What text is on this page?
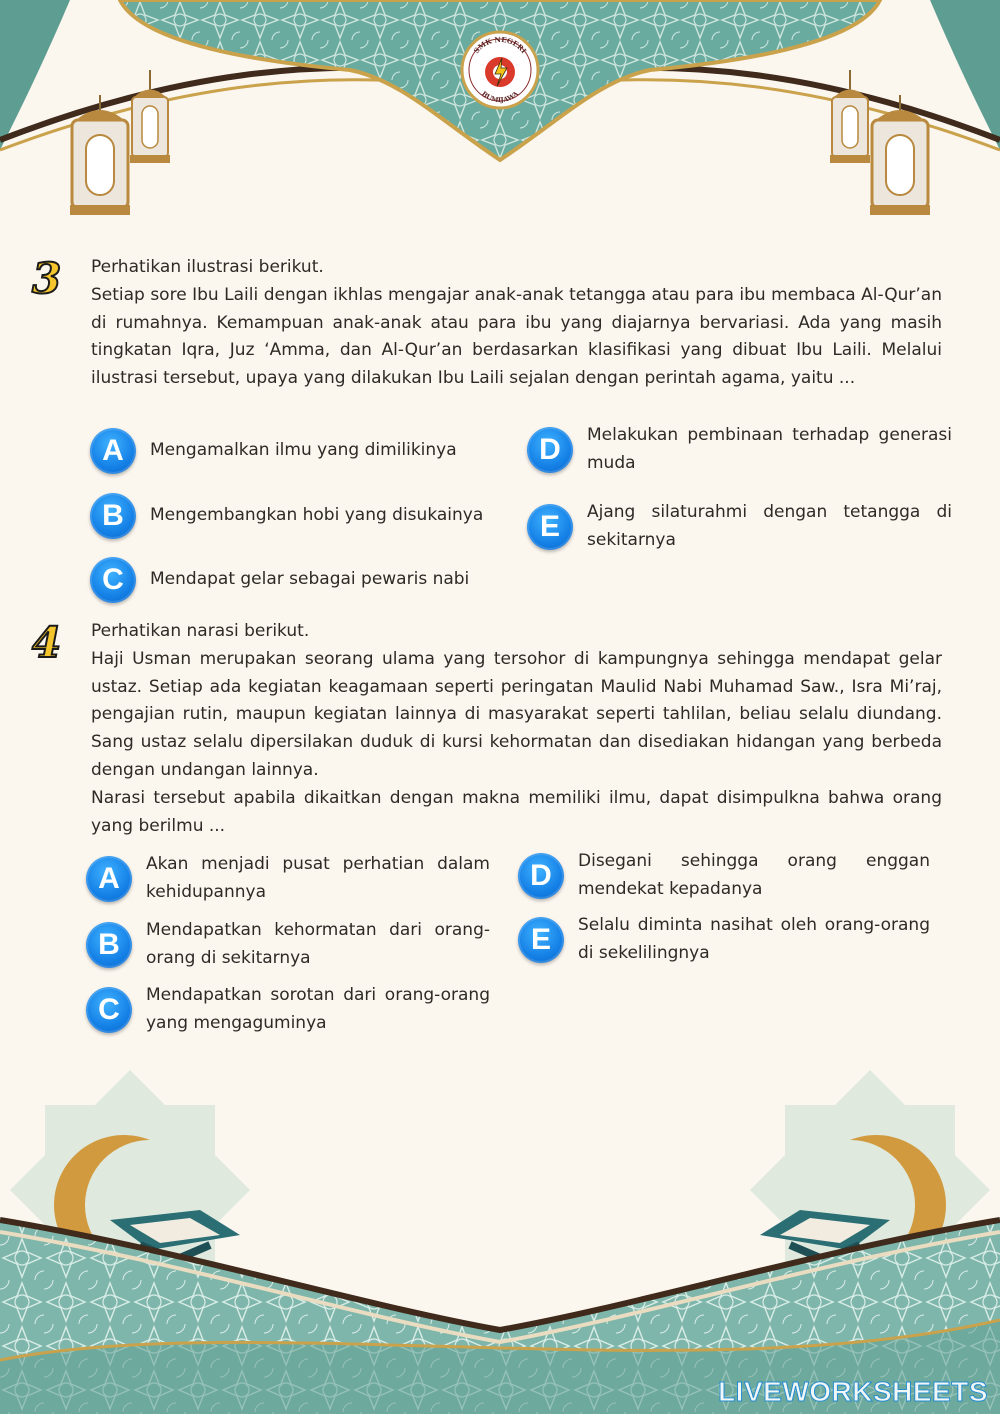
SMK NEGERI
BUMIJAWA
3 Perhatikan ilustrasi berikut.

Setiap sore Ibu Laili dengan ikhlas mengajar anak-anak tetangga atau para ibu membaca Al-Qur’an di rumahnya. Kemampuan anak-anak atau para ibu yang diajarnya bervariasi. Ada yang masih tingkatan Iqra, Juz ‘Amma, dan Al-Qur’an berdasarkan klasifikasi yang dibuat Ibu Laili. Melalui ilustrasi tersebut, upaya yang dilakukan Ibu Laili sejalan dengan perintah agama, yaitu ...

A	Mengamalkan ilmu yang dimilikinya
B	Mengembangkan hobi yang disukainya
C	Mendapat gelar sebagai pewaris nabi
D	Melakukan pembinaan terhadap generasi muda
E	Ajang silaturahmi dengan tetangga di sekitarnya
4 Perhatikan narasi berikut.

Haji Usman merupakan seorang ulama yang tersohor di kampungnya sehingga mendapat gelar ustaz. Setiap ada kegiatan keagamaan seperti peringatan Maulid Nabi Muhamad Saw., Isra Mi’raj, pengajian rutin, maupun kegiatan lainnya di masyarakat seperti tahlilan, beliau selalu diundang. Sang ustaz selalu dipersilakan duduk di kursi kehormatan dan disediakan hidangan yang berbeda dengan undangan lainnya.

Narasi tersebut apabila dikaitkan dengan makna memiliki ilmu, dapat disimpulkna bahwa orang yang berilmu ...

A	Akan menjadi pusat perhatian dalam kehidupannya
B	Mendapatkan kehormatan dari orang-orang di sekitarnya
C	Mendapatkan sorotan dari orang-orang yang mengaguminya
D	Disegani sehingga orang enggan mendekat kepadanya
E	Selalu diminta nasihat oleh orang-orang di sekelilingnya
LIVEWORKSHEETS
